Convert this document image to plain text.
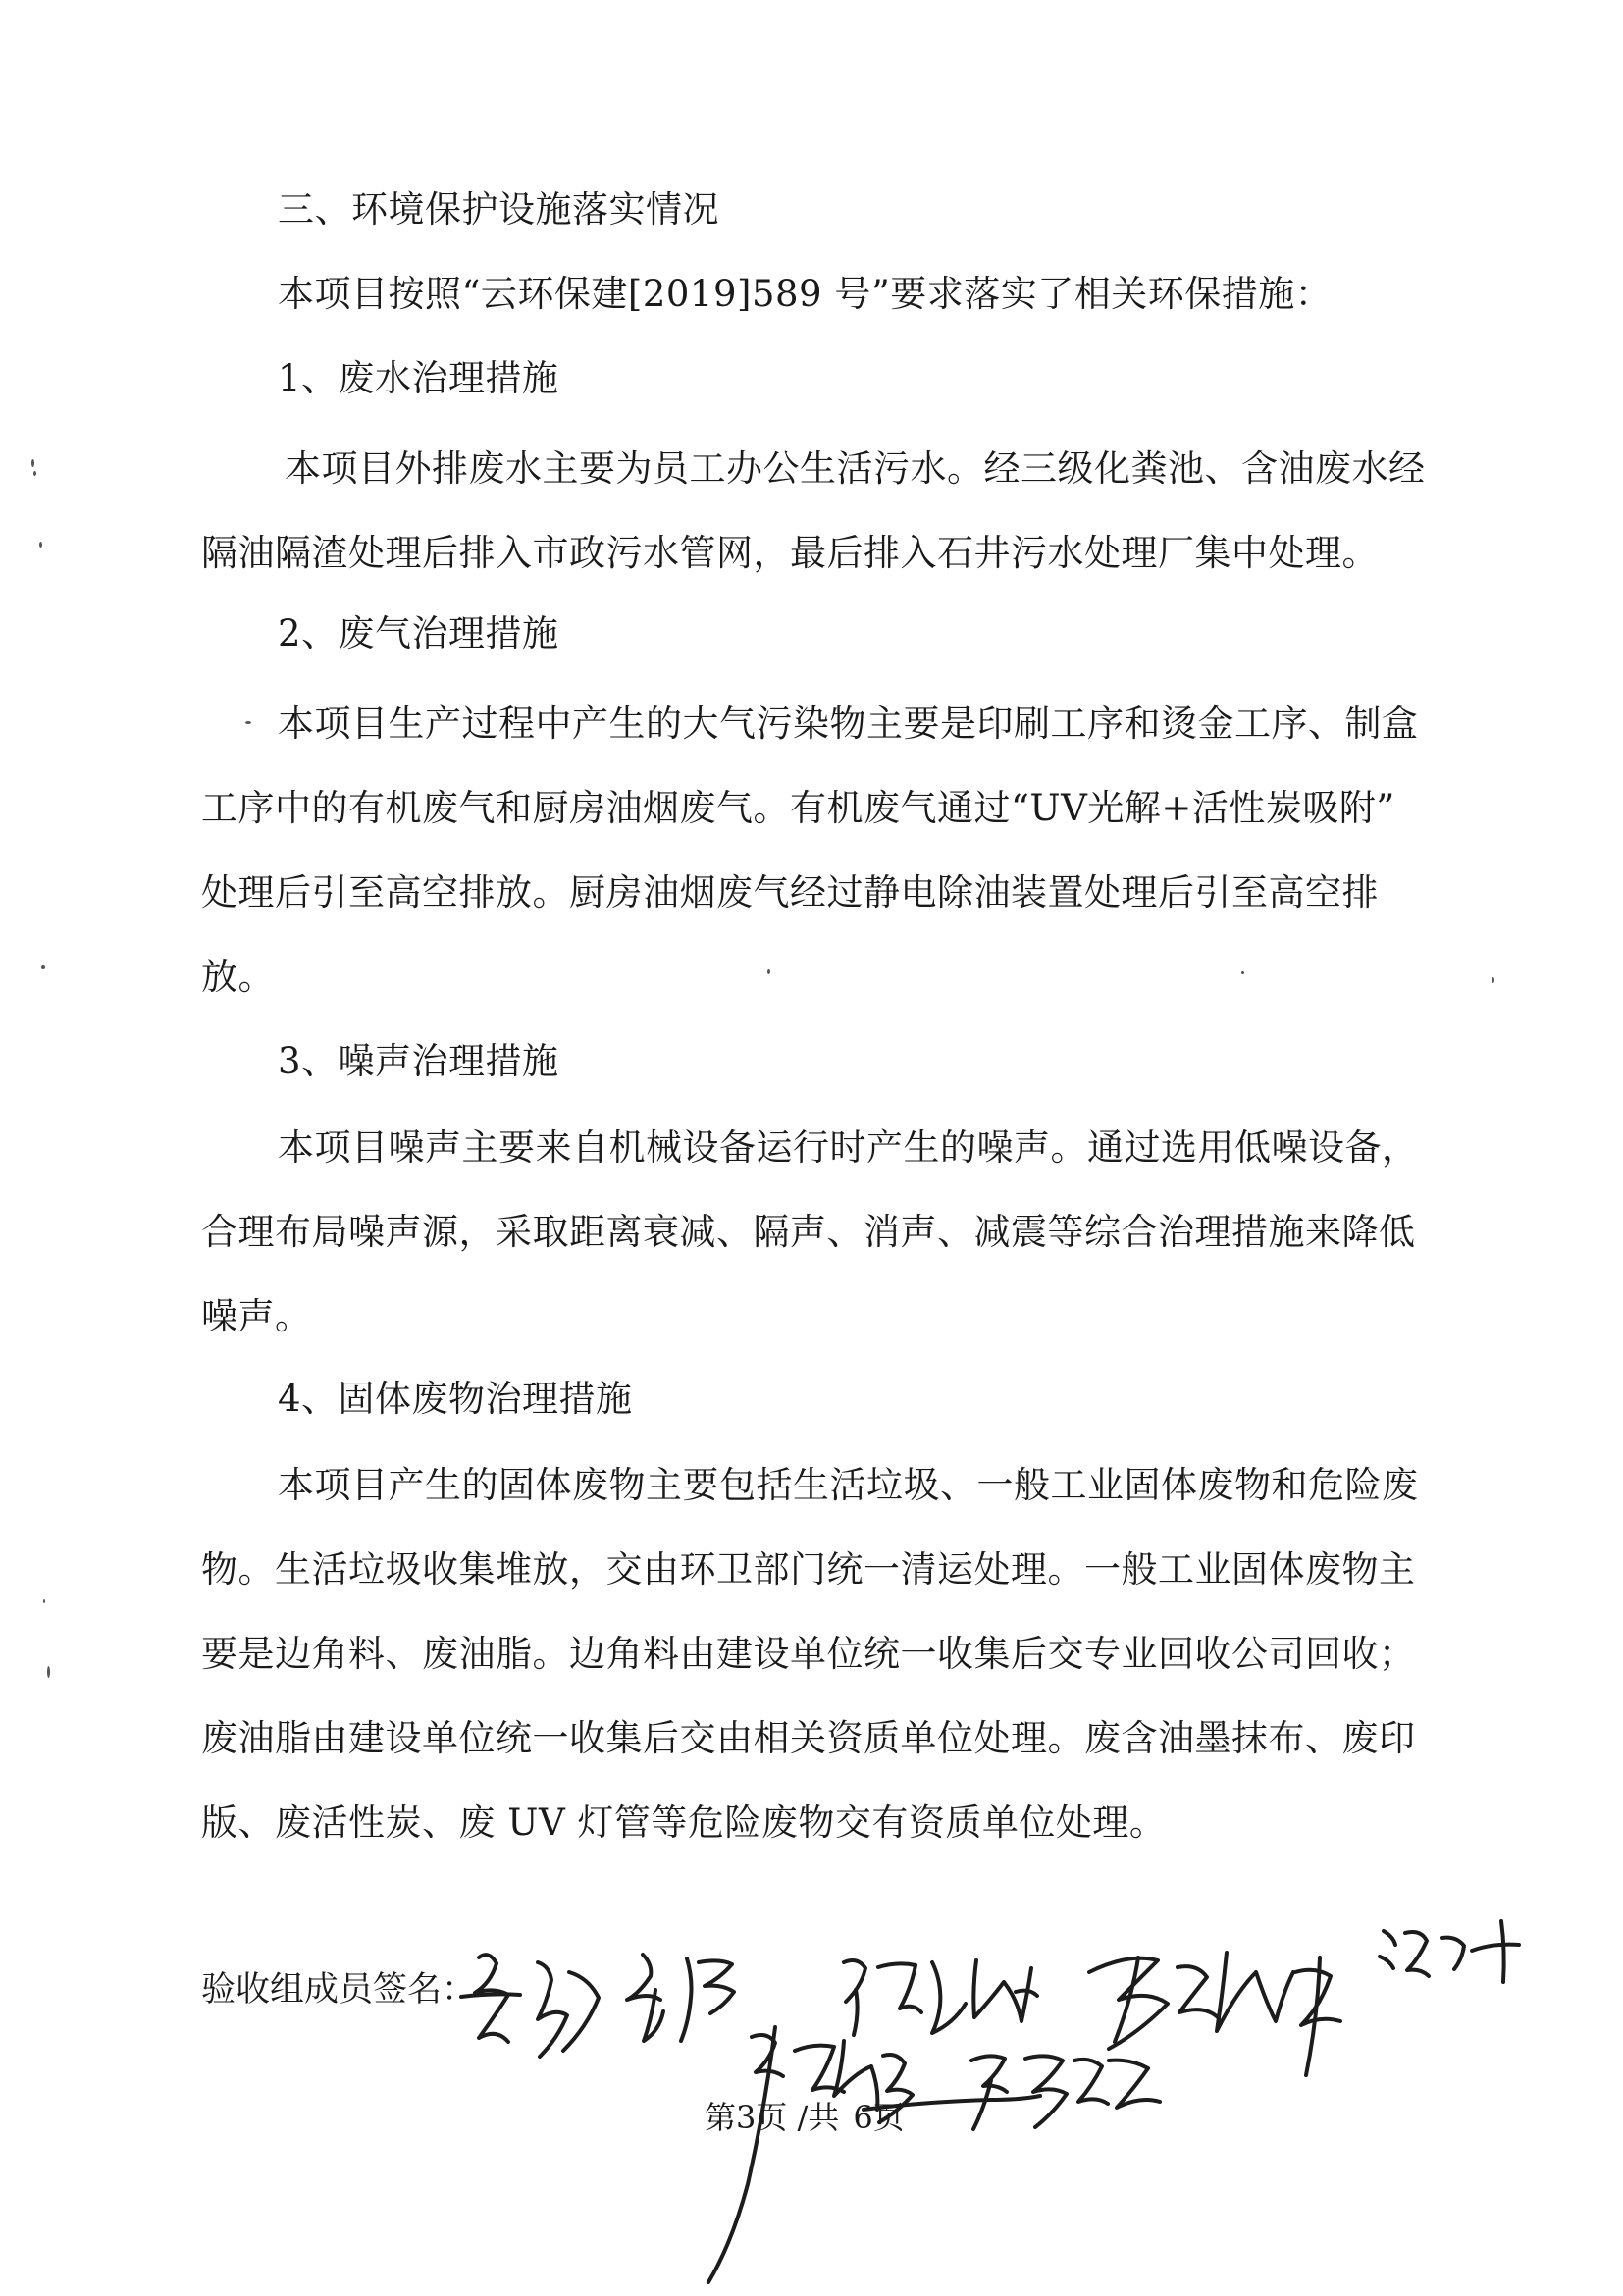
三、环境保护设施落实情况
本项目按照“云环保建[2019]589 号”要求落实了相关环保措施：
1、废水治理措施
本项目外排废水主要为员工办公生活污水。经三级化粪池、含油废水经
隔油隔渣处理后排入市政污水管网，最后排入石井污水处理厂集中处理。
2、废气治理措施
本项目生产过程中产生的大气污染物主要是印刷工序和烫金工序、制盒
工序中的有机废气和厨房油烟废气。有机废气通过“UV光解+活性炭吸附”
处理后引至高空排放。厨房油烟废气经过静电除油装置处理后引至高空排
放。
3、噪声治理措施
本项目噪声主要来自机械设备运行时产生的噪声。通过选用低噪设备，
合理布局噪声源，采取距离衰减、隔声、消声、减震等综合治理措施来降低
噪声。
4、固体废物治理措施
本项目产生的固体废物主要包括生活垃圾、一般工业固体废物和危险废
物。生活垃圾收集堆放，交由环卫部门统一清运处理。一般工业固体废物主
要是边角料、废油脂。边角料由建设单位统一收集后交专业回收公司回收；
废油脂由建设单位统一收集后交由相关资质单位处理。废含油墨抹布、废印
版、废活性炭、废 UV 灯管等危险废物交有资质单位处理。
验收组成员签名：
第3页 /共 6页
